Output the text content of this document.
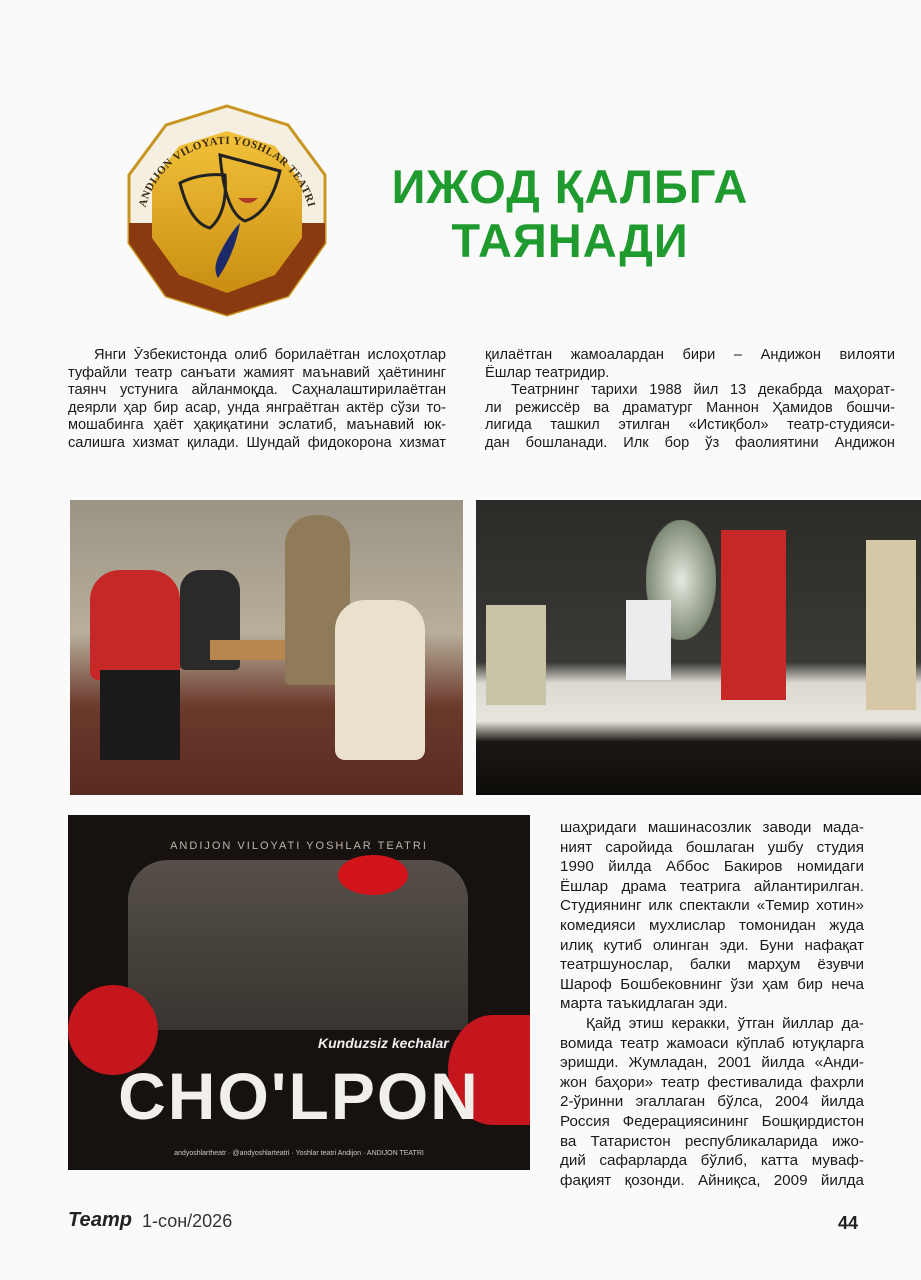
ANDIJON VILOYATI YOSHLAR TEATRI	ИЖОД ҚАЛБГА
ТАЯНАДИ
Янги Ўзбекистонда олиб борилаётган ислоҳотлар
туфайли театр санъати жамият маънавий ҳаётининг
таянч устунига айланмоқда. Саҳналаштирилаётган
деярли ҳар бир асар, унда янграётган актёр сўзи то-
мошабинга ҳаёт ҳақиқатини эслатиб, маънавий юк-
салишга хизмат қилади. Шундай фидокорона хизмат
қилаётган жамоалардан бири – Андижон вилояти
Ёшлар театридир.
Театрнинг тарихи 1988 йил 13 декабрда маҳорат-
ли режиссёр ва драматург Маннон Ҳамидов бошчи-
лигида ташкил этилган «Истиқбол» театр-студияси-
дан бошланади. Илк бор ўз фаолиятини Андижон
ANDIJON VILOYATI YOSHLAR TEATRI
Kunduzsiz kechalar
CHO'LPON
andyoshlartheatr · @andyoshlarteatri · Yoshlar teatri Andijon · ANDIJON TEATRI
шаҳридаги машинасозлик заводи мада-
ният саройида бошлаган ушбу студия
1990 йилда Аббос Бакиров номидаги
Ёшлар драма театрига айлантирилган.
Студиянинг илк спектакли «Темир хотин»
комедияси мухлислар томонидан жуда
илиқ кутиб олинган эди. Буни нафақат
театршунослар, балки марҳум ёзувчи
Шароф Бошбековнинг ўзи ҳам бир неча
марта таъкидлаган эди.
Қайд этиш керакки, ўтган йиллар да-
вомида театр жамоаси кўплаб ютуқларга
эришди. Жумладан, 2001 йилда «Анди-
жон баҳори» театр фестивалида фахрли
2-ўринни эгаллаган бўлса, 2004 йилда
Россия Федерациясининг Бошқирдистон
ва Татаристон республикаларида ижо-
дий сафарларда бўлиб, катта мувaф-
фақият қозонди. Айниқса, 2009 йилда
Театр 1-сон/2026	44
